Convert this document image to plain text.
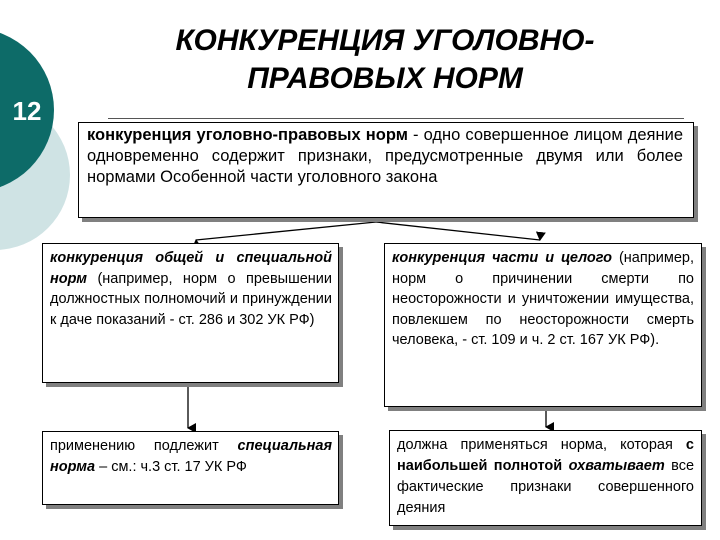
12
КОНКУРЕНЦИЯ УГОЛОВНО-
ПРАВОВЫХ НОРМ

конкуренция уголовно-правовых норм - одно совершенное лицом деяние одновременно содержит признаки, предусмотренные двумя или более нормами Особенной части уголовного закона

конкуренция общей и специальной норм (например, норм о превышении должностных полномочий и принуждении к даче показаний - ст. 286 и 302 УК РФ)

конкуренция части и целого (например, норм о причинении смерти по неосторожности и уничтожении имущества, повлекшем по неосторожности смерть человека, - ст. 109 и ч. 2 ст. 167 УК РФ).

применению подлежит специальная норма – см.: ч.3 ст. 17 УК РФ

должна применяться норма, которая с наибольшей полнотой охватывает все фактические признаки совершенного деяния
